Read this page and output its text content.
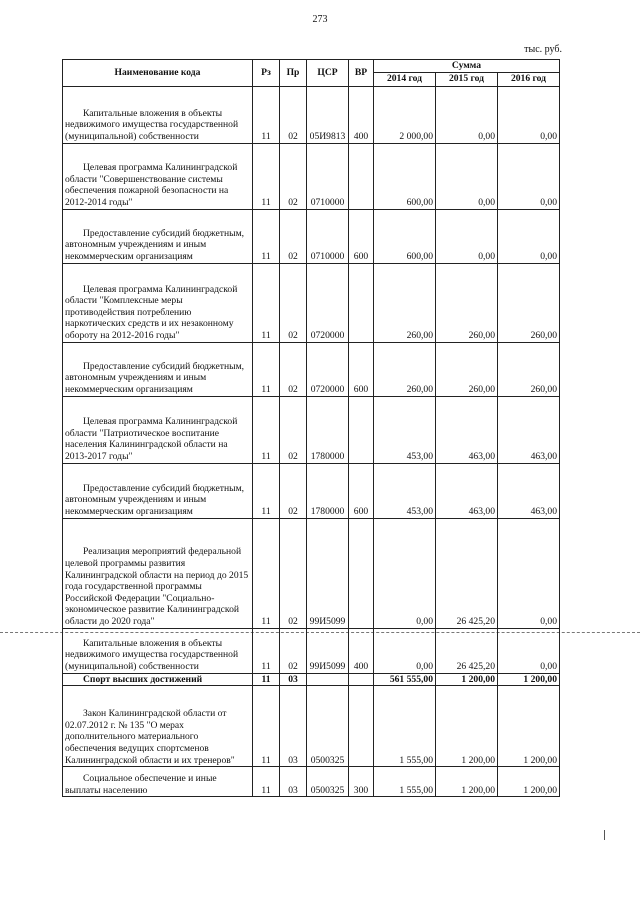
273
тыс. руб.
Наименование кода	Рз	Пр	ЦСР	ВР	Сумма		
					2014 год	2015 год	2016 год

Капитальные вложения в объекты недвижимого имущества государственной (муниципальной) собственности	11	02	05И9813	400	2 000,00	0,00	0,00

Целевая программа Калининградской области "Совершенствование системы обеспечения пожарной безопасности на 2012-2014 годы"	11	02	0710000		600,00	0,00	0,00

Предоставление субсидий бюджетным, автономным учреждениям и иным некоммерческим организациям	11	02	0710000	600	600,00	0,00	0,00

Целевая программа Калининградской области "Комплексные меры противодействия потреблению наркотических средств и их незаконному обороту на 2012-2016 годы"	11	02	0720000		260,00	260,00	260,00

Предоставление субсидий бюджетным, автономным учреждениям и иным некоммерческим организациям	11	02	0720000	600	260,00	260,00	260,00

Целевая программа Калининградской области "Патриотическое воспитание населения Калининградской области на 2013-2017 годы"	11	02	1780000		453,00	463,00	463,00

Предоставление субсидий бюджетным, автономным учреждениям и иным некоммерческим организациям	11	02	1780000	600	453,00	463,00	463,00

Реализация мероприятий федеральной целевой программы развития Калининградской области на период до 2015 года государственной программы Российской Федерации "Социально-экономическое развитие Калининградской области до 2020 года"	11	02	99И5099		0,00	26 425,20	0,00

Капитальные вложения в объекты недвижимого имущества государственной (муниципальной) собственности	11	02	99И5099	400	0,00	26 425,20	0,00

Спорт высших достижений	11	03			561 555,00	1 200,00	1 200,00

Закон Калининградской области от 02.07.2012 г. № 135 "О мерах дополнительного материального обеспечения ведущих спортсменов Калининградской области и их тренеров"	11	03	0500325		1 555,00	1 200,00	1 200,00

Социальное обеспечение и иные выплаты населению	11	03	0500325	300	1 555,00	1 200,00	1 200,00
